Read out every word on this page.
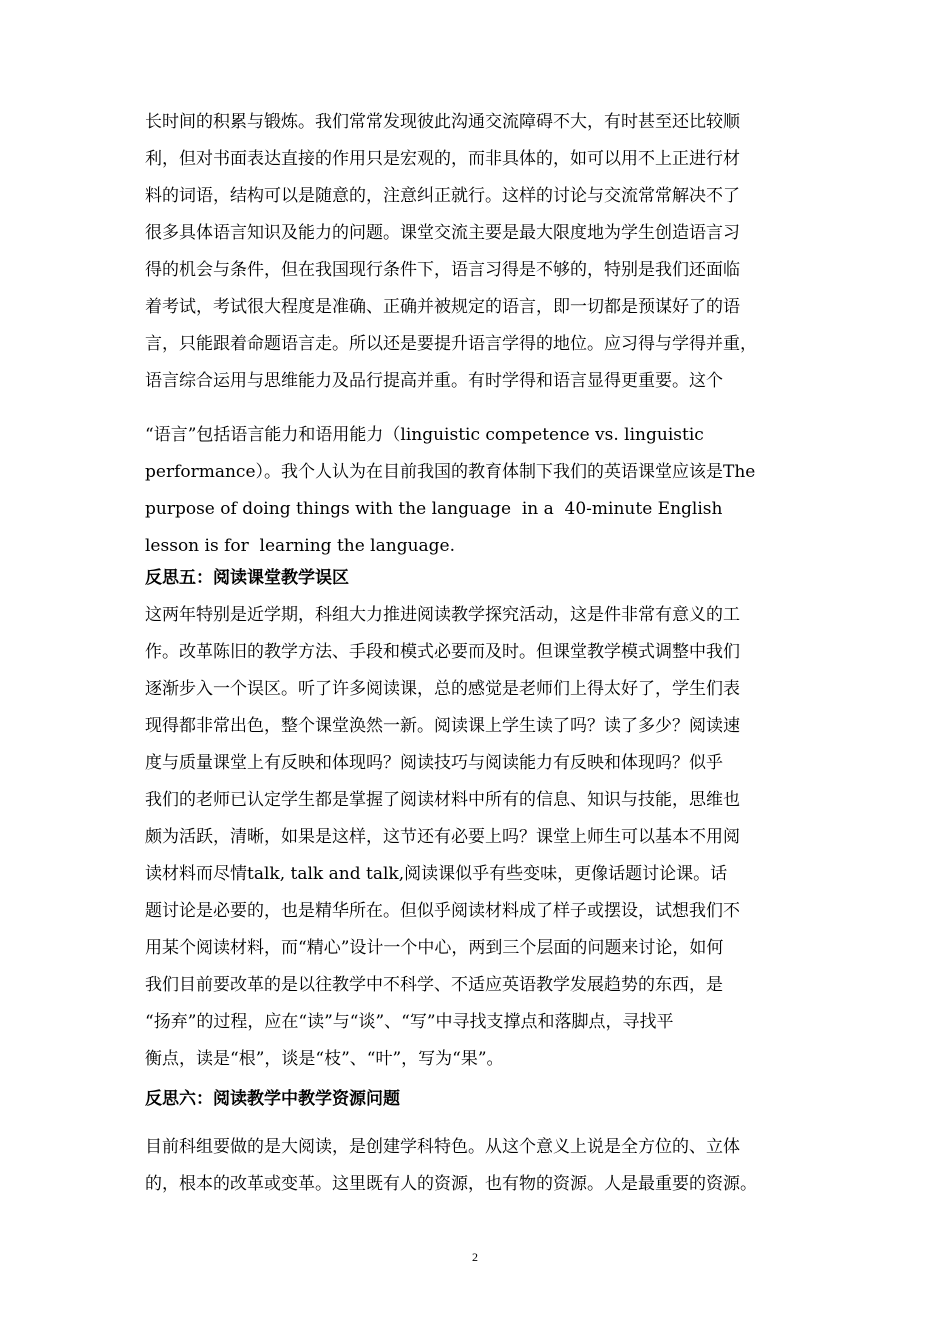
长时间的积累与锻炼。我们常常发现彼此沟通交流障碍不大，有时甚至还比较顺
利，但对书面表达直接的作用只是宏观的，而非具体的，如可以用不上正进行材
料的词语，结构可以是随意的，注意纠正就行。这样的讨论与交流常常解决不了
很多具体语言知识及能力的问题。课堂交流主要是最大限度地为学生创造语言习
得的机会与条件，但在我国现行条件下，语言习得是不够的，特别是我们还面临
着考试，考试很大程度是准确、正确并被规定的语言，即一切都是预谋好了的语
言，只能跟着命题语言走。所以还是要提升语言学得的地位。应习得与学得并重，
语言综合运用与思维能力及品行提高并重。有时学得和语言显得更重要。这个
“语言”包括语言能力和语用能力（linguistic competence vs. linguistic
performance）。我个人认为在目前我国的教育体制下我们的英语课堂应该是The
purpose of doing things with the language  in a  40-minute English
lesson is for  learning the language.
反思五：阅读课堂教学误区
这两年特别是近学期，科组大力推进阅读教学探究活动，这是件非常有意义的工
作。改革陈旧的教学方法、手段和模式必要而及时。但课堂教学模式调整中我们
逐渐步入一个误区。听了许多阅读课，总的感觉是老师们上得太好了，学生们表
现得都非常出色，整个课堂涣然一新。阅读课上学生读了吗？读了多少？阅读速
度与质量课堂上有反映和体现吗？阅读技巧与阅读能力有反映和体现吗？似乎
我们的老师已认定学生都是掌握了阅读材料中所有的信息、知识与技能，思维也
颇为活跃，清晰，如果是这样，这节还有必要上吗？课堂上师生可以基本不用阅
读材料而尽情talk, talk and talk,阅读课似乎有些变味，更像话题讨论课。话
题讨论是必要的，也是精华所在。但似乎阅读材料成了样子或摆设，试想我们不
用某个阅读材料，而“精心”设计一个中心，两到三个层面的问题来讨论，如何
我们目前要改革的是以往教学中不科学、不适应英语教学发展趋势的东西，是
“扬弃”的过程，应在“读”与“谈”、“写”中寻找支撑点和落脚点，寻找平
衡点，读是“根”，谈是“枝”、“叶”，写为“果”。
反思六：阅读教学中教学资源问题
目前科组要做的是大阅读，是创建学科特色。从这个意义上说是全方位的、立体
的，根本的改革或变革。这里既有人的资源，也有物的资源。人是最重要的资源。
2
